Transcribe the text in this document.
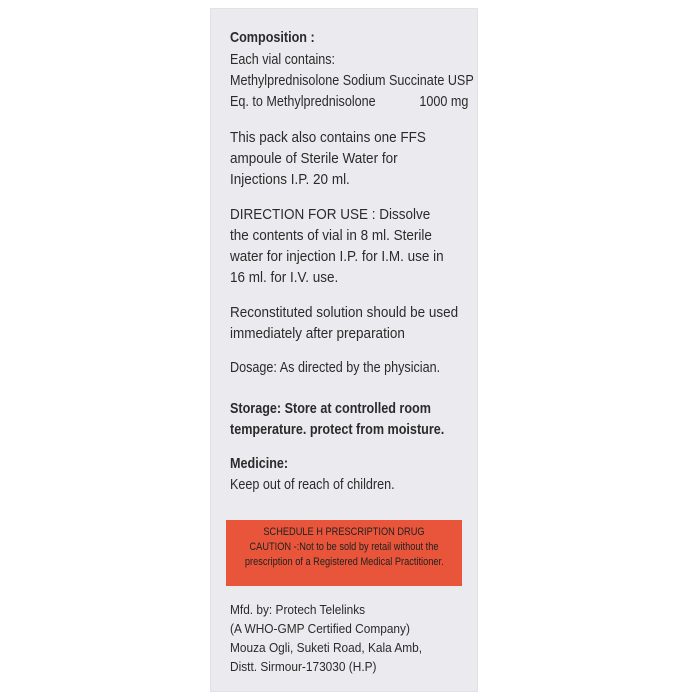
Composition :
Each vial contains:
Methylprednisolone Sodium Succinate USP
Eq. to Methylprednisolone	1000 mg
This pack also contains one FFS
ampoule of Sterile Water for
Injections I.P. 20 ml.
DIRECTION FOR USE : Dissolve
the contents of vial in 8 ml. Sterile
water for injection I.P. for I.M. use in
16 ml. for I.V. use.
Reconstituted solution should be used
immediately after preparation
Dosage: As directed by the physician.
Storage: Store at controlled room
temperature. protect from moisture.
Medicine:
Keep out of reach of children.
SCHEDULE H PRESCRIPTION DRUG
CAUTION -:Not to be sold by retail without the
prescription of a Registered Medical Practitioner.
Mfd. by: Protech Telelinks
(A WHO-GMP Certified Company)
Mouza Ogli, Suketi Road, Kala Amb,
Distt. Sirmour-173030 (H.P)
